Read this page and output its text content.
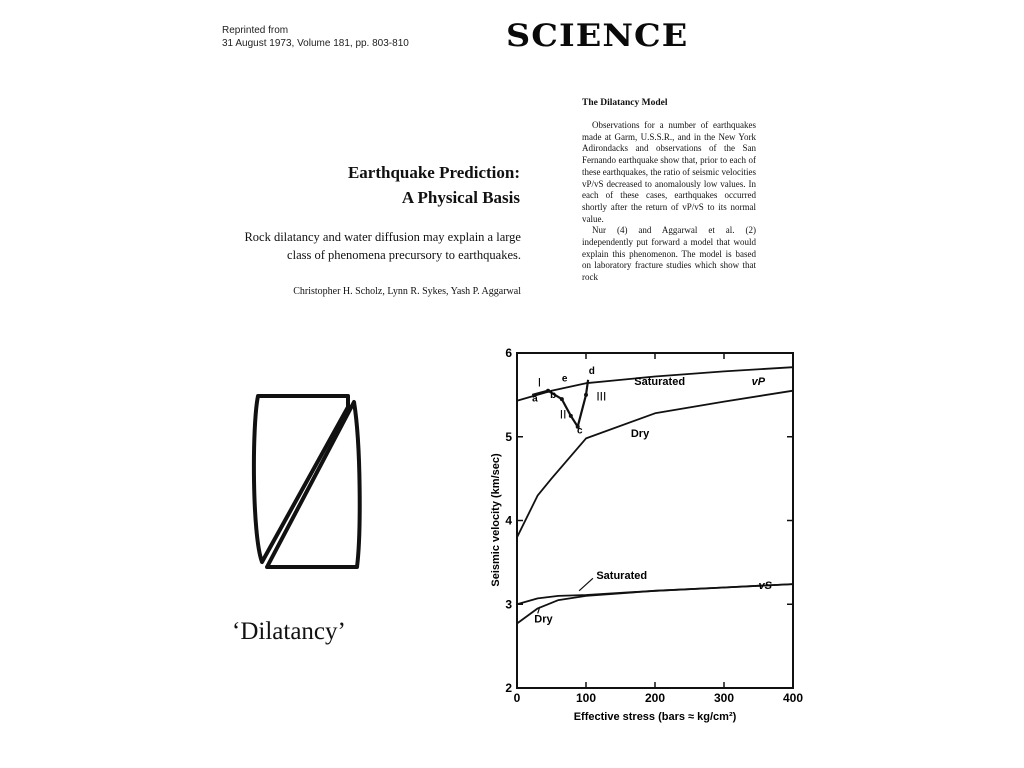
Reprinted from
31 August 1973, Volume 181, pp. 803-810	SCIENCE
Earthquake Prediction:
A Physical Basis
Rock dilatancy and water diffusion may explain a large class of phenomena precursory to earthquakes.
Christopher H. Scholz, Lynn R. Sykes, Yash P. Aggarwal
The Dilatancy Model

Observations for a number of earthquakes made at Garm, U.S.S.R., and in the New York Adirondacks and observations of the San Fernando earthquake show that, prior to each of these earthquakes, the ratio of seismic velocities vP/vS decreased to anomalously low values. In each of these cases, earthquakes occurred shortly after the return of vP/vS to its normal value.

Nur (4) and Aggarwal et al. (2) independently put forward a model that would explain this phenomenon. The model is based on laboratory fracture studies which show that rock

‘Dilatancy’
2
3
4
5
6
0	100	200	300	400
Saturated
Dry
vP
Saturated
Dry
vS
I
II
III
a b
c
d
e
Effective stress (bars ≈ kg/cm²)
Seismic velocity (km/sec)
